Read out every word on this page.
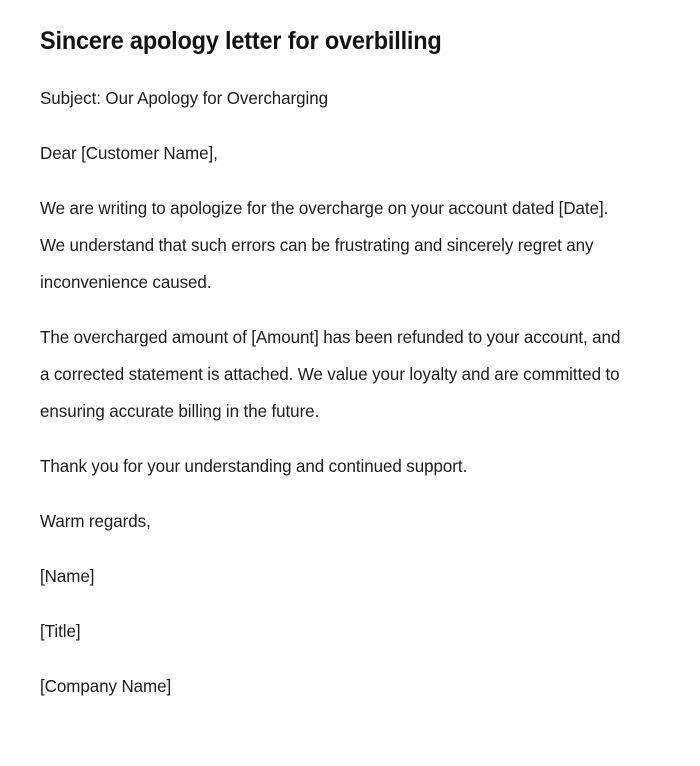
Sincere apology letter for overbilling

Subject: Our Apology for Overcharging

Dear [Customer Name],

We are writing to apologize for the overcharge on your account dated [Date]. We understand that such errors can be frustrating and sincerely regret any inconvenience caused.

The overcharged amount of [Amount] has been refunded to your account, and a corrected statement is attached. We value your loyalty and are committed to ensuring accurate billing in the future.

Thank you for your understanding and continued support.

Warm regards,

[Name]

[Title]

[Company Name]
